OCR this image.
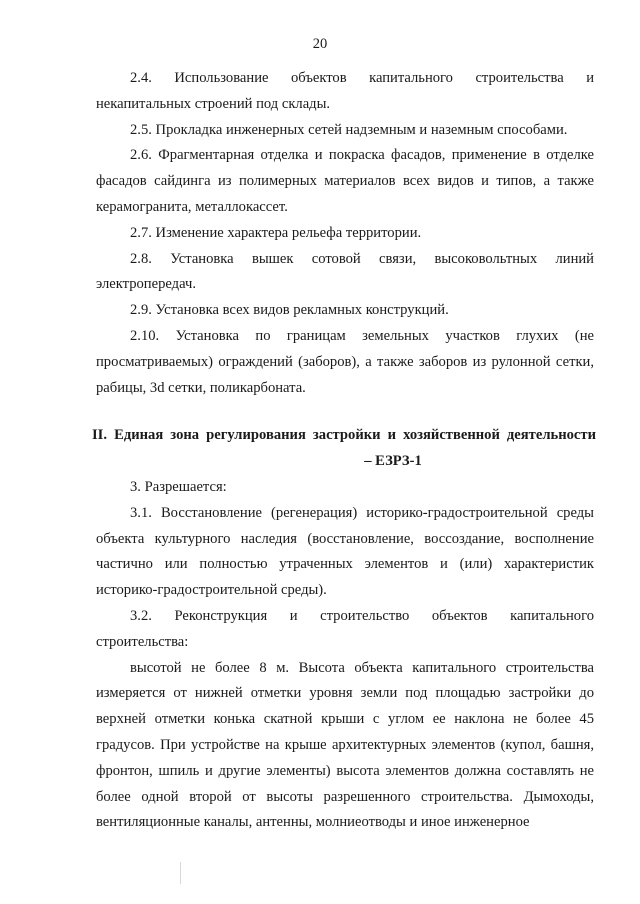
20

2.4.   Использование   объектов   капитального   строительства   и некапитальных строений под склады.

2.5. Прокладка инженерных сетей надземным и наземным способами.

2.6. Фрагментарная отделка и покраска фасадов, применение в отделке фасадов сайдинга из полимерных материалов всех видов и типов, а также керамогранита, металлокассет.

2.7. Изменение характера рельефа территории.

2.8.   Установка   вышек   сотовой   связи,   высоковольтных   линий электропередач.

2.9. Установка всех видов рекламных конструкций.

2.10. Установка по границам земельных участков глухих (не просматриваемых) ограждений (заборов), а также заборов из рулонной сетки, рабицы, 3d сетки, поликарбоната.

II. Единая зона регулирования застройки и хозяйственной деятельности
– ЕЗРЗ-1

3. Разрешается:

3.1. Восстановление (регенерация) историко-градостроительной среды объекта культурного наследия (восстановление, воссоздание, восполнение частично или полностью утраченных элементов и (или) характеристик историко-градостроительной среды).

3.2.    Реконструкция    и    строительство    объектов    капитального строительства:

высотой не более 8 м. Высота объекта капитального строительства измеряется от нижней отметки уровня земли под площадью застройки до верхней отметки конька скатной крыши с углом ее наклона не более 45 градусов. При устройстве на крыше архитектурных элементов (купол, башня, фронтон, шпиль и другие элементы) высота элементов должна составлять не более одной второй от высоты разрешенного строительства. Дымоходы, вентиляционные каналы, антенны, молниеотводы и иное инженерное
